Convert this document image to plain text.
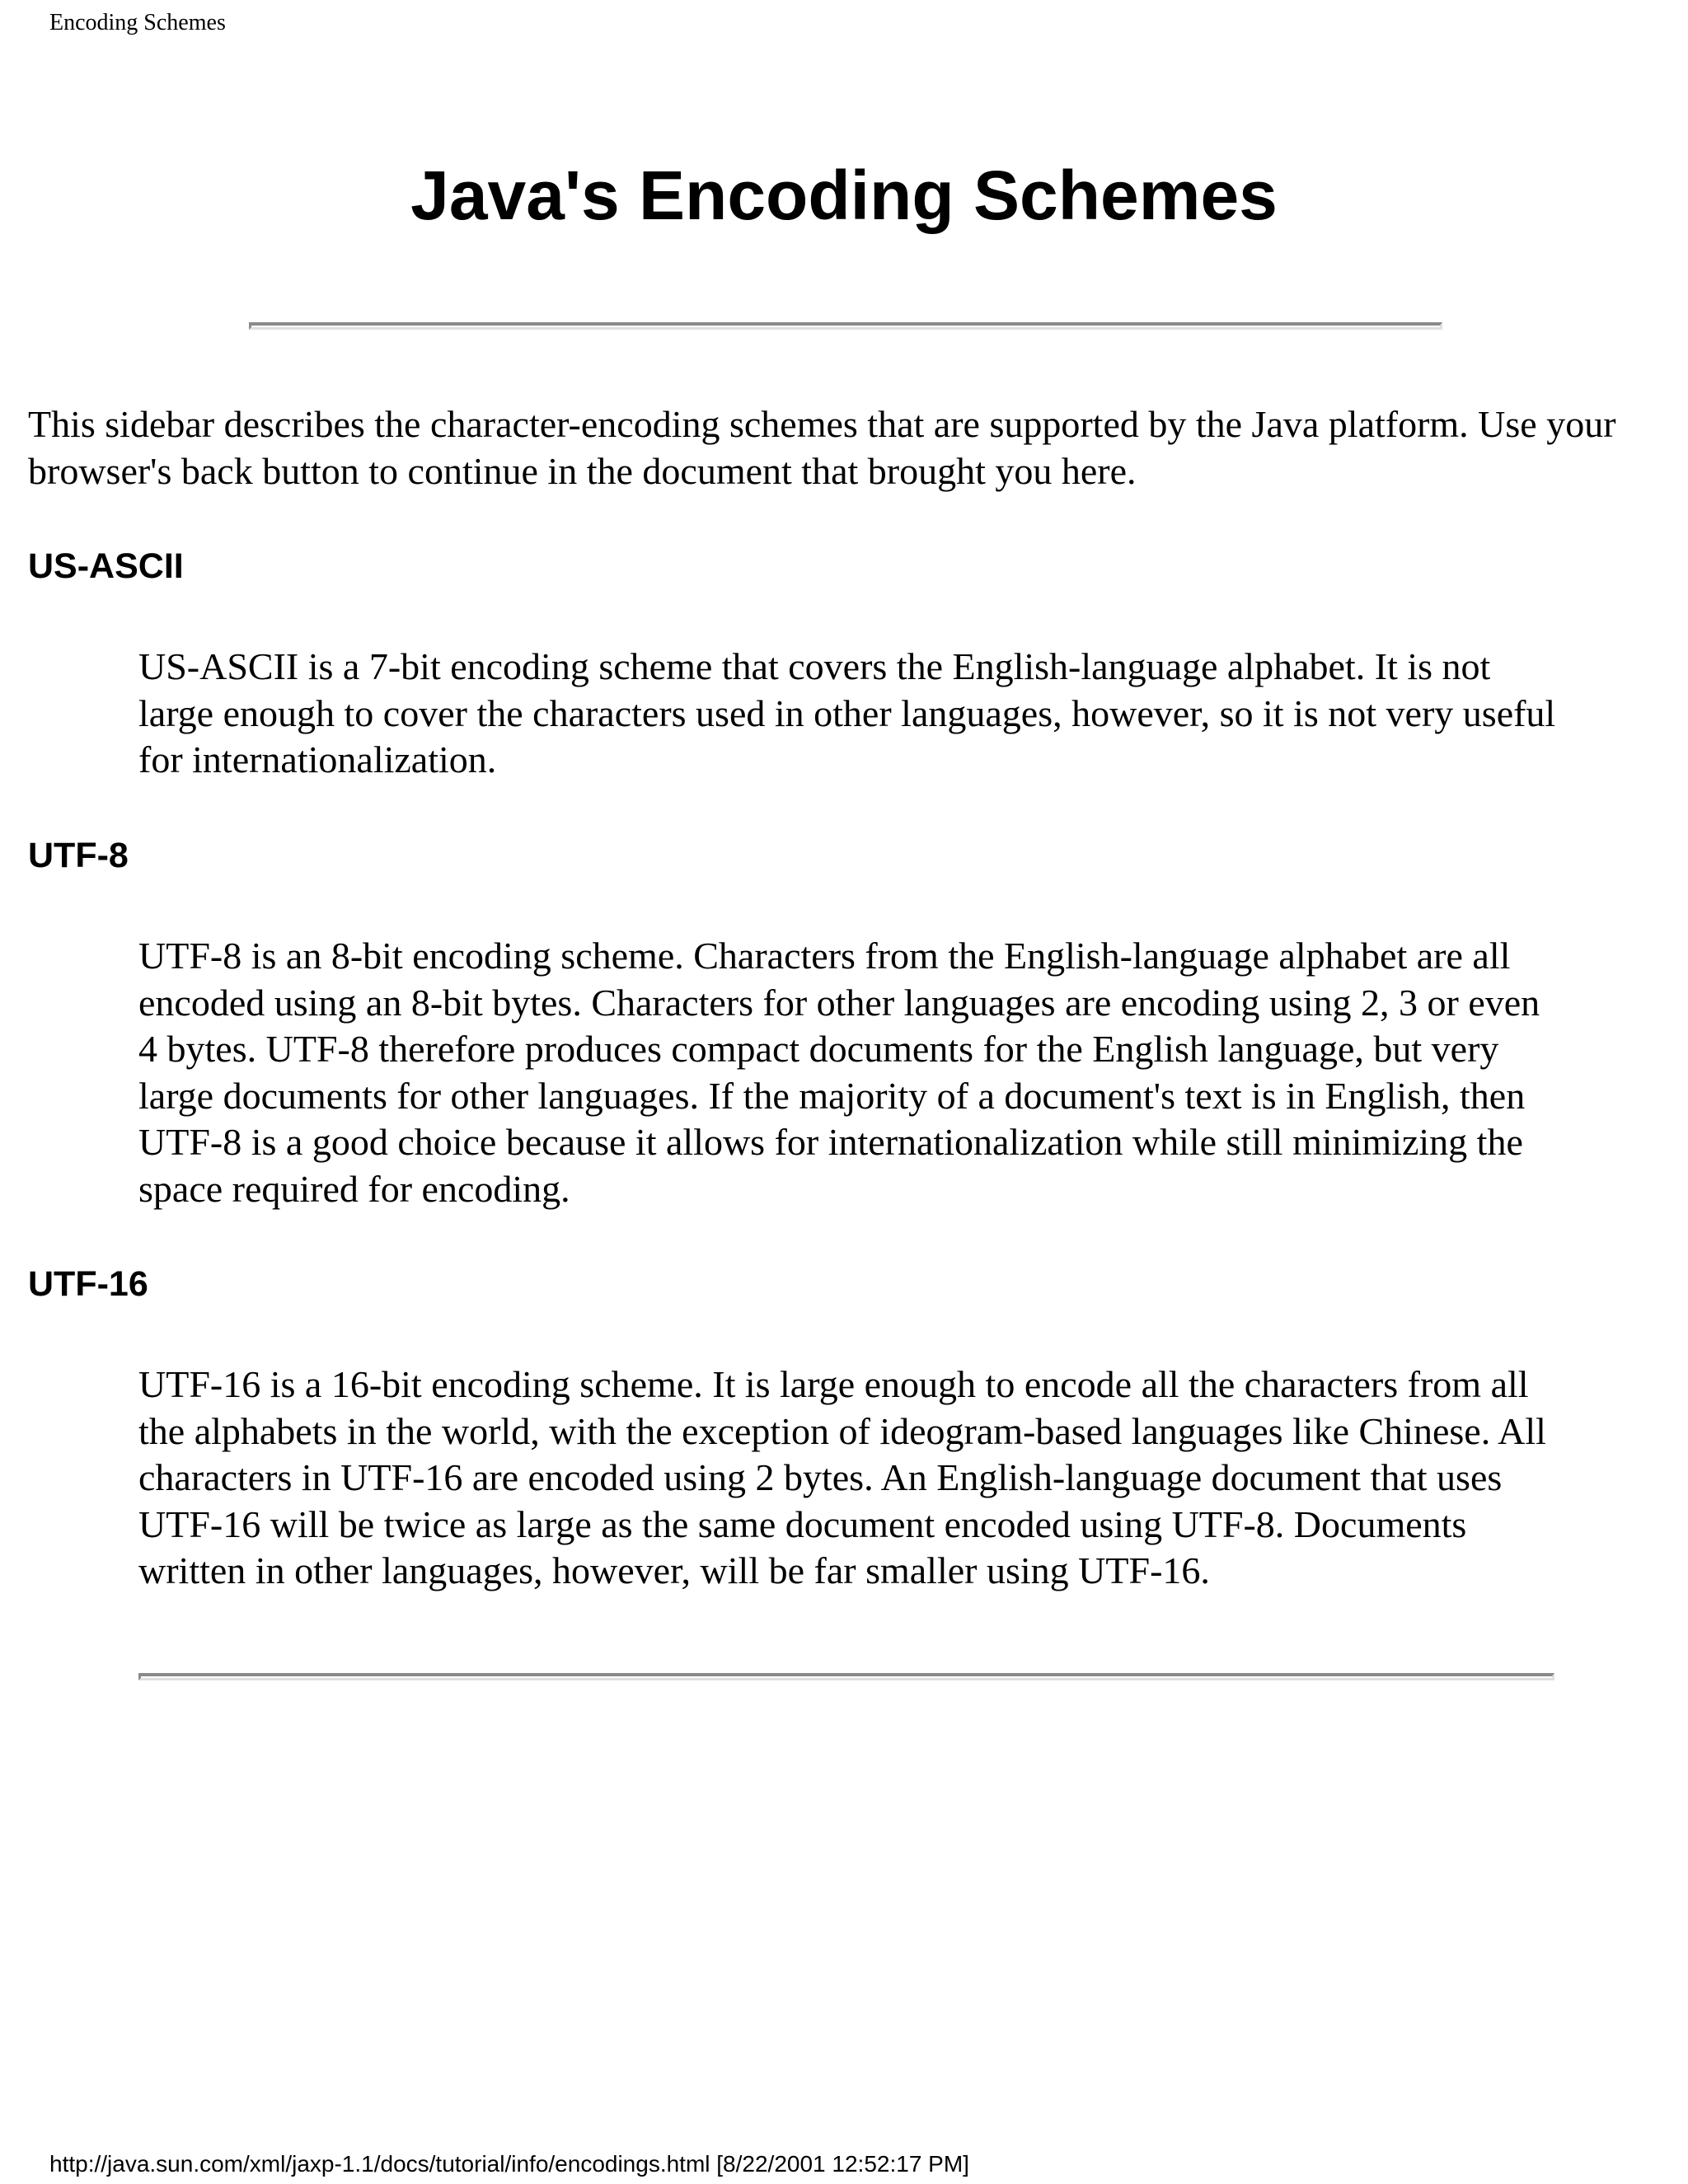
Encoding Schemes
Java's Encoding Schemes

This sidebar describes the character-encoding schemes that are supported by the Java platform. Use your browser's back button to continue in the document that brought you here.

US-ASCII

US-ASCII is a 7-bit encoding scheme that covers the English-language alphabet. It is not large enough to cover the characters used in other languages, however, so it is not very useful for internationalization.

UTF-8

UTF-8 is an 8-bit encoding scheme. Characters from the English-language alphabet are all encoded using an 8-bit bytes. Characters for other languages are encoding using 2, 3 or even 4 bytes. UTF-8 therefore produces compact documents for the English language, but very large documents for other languages. If the majority of a document's text is in English, then UTF-8 is a good choice because it allows for internationalization while still minimizing the space required for encoding.

UTF-16

UTF-16 is a 16-bit encoding scheme. It is large enough to encode all the characters from all the alphabets in the world, with the exception of ideogram-based languages like Chinese. All characters in UTF-16 are encoded using 2 bytes. An English-language document that uses UTF-16 will be twice as large as the same document encoded using UTF-8. Documents written in other languages, however, will be far smaller using UTF-16.

http://java.sun.com/xml/jaxp-1.1/docs/tutorial/info/encodings.html [8/22/2001 12:52:17 PM]
